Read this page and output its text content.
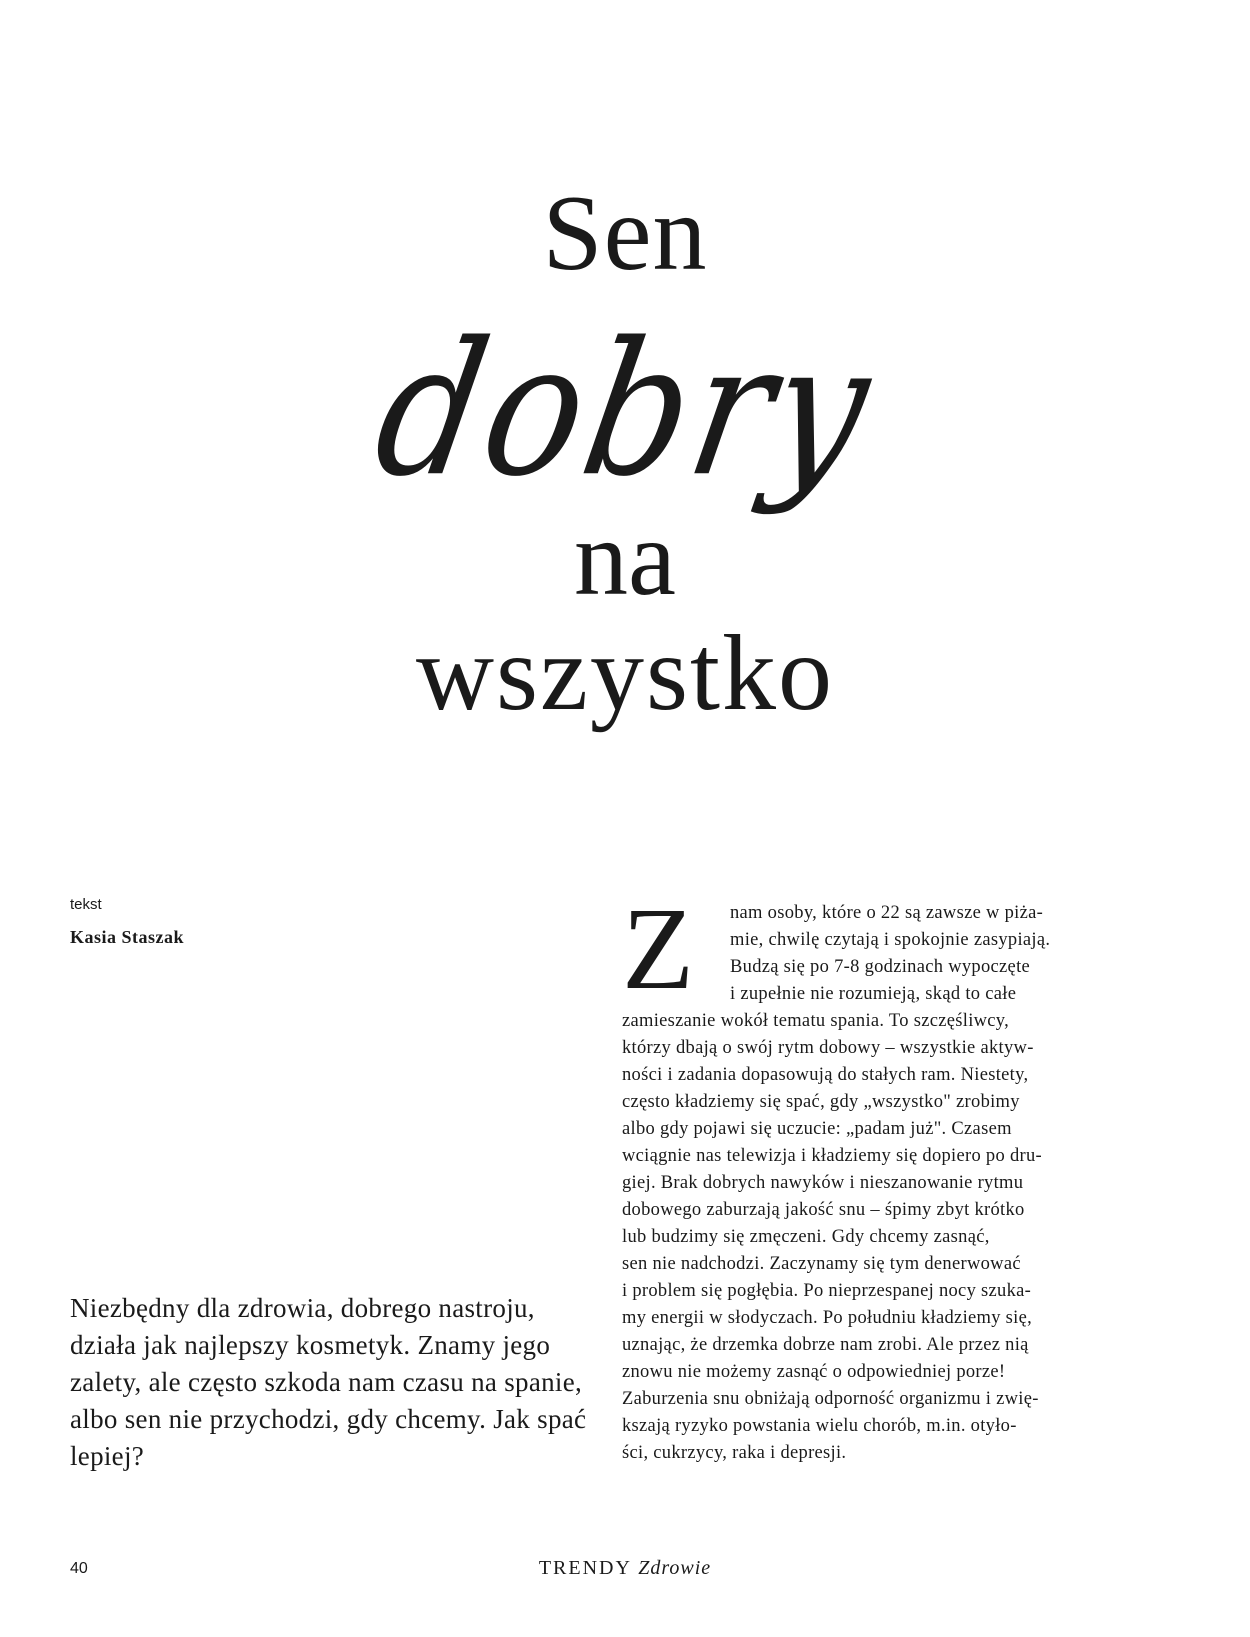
Sen
dobry
na
wszystko
tekst
Kasia Staszak
Niezbędny dla zdrowia, dobrego nastroju, działa jak najlepszy kosmetyk. Znamy jego zalety, ale często szkoda nam czasu na spanie, albo sen nie przychodzi, gdy chcemy. Jak spać lepiej?
Z	nam osoby, które o 22 są zawsze w piża-
mie, chwilę czytają i spokojnie zasypiają.
Budzą się po 7-8 godzinach wypoczęte
i zupełnie nie rozumieją, skąd to całe
zamieszanie wokół tematu spania. To szczęśliwcy,
którzy dbają o swój rytm dobowy – wszystkie aktyw-
ności i zadania dopasowują do stałych ram. Niestety,
często kładziemy się spać, gdy „wszystko" zrobimy
albo gdy pojawi się uczucie: „padam już". Czasem
wciągnie nas telewizja i kładziemy się dopiero po dru-
giej. Brak dobrych nawyków i nieszanowanie rytmu
dobowego zaburzają jakość snu – śpimy zbyt krótko
lub budzimy się zmęczeni. Gdy chcemy zasnąć,
sen nie nadchodzi. Zaczynamy się tym denerwować
i problem się pogłębia. Po nieprzespanej nocy szuka-
my energii w słodyczach. Po południu kładziemy się,
uznając, że drzemka dobrze nam zrobi. Ale przez nią
znowu nie możemy zasnąć o odpowiedniej porze!
Zaburzenia snu obniżają odporność organizmu i zwię-
kszają ryzyko powstania wielu chorób, m.in. otyło-
ści, cukrzycy, raka i depresji.
40	TRENDY Zdrowie
